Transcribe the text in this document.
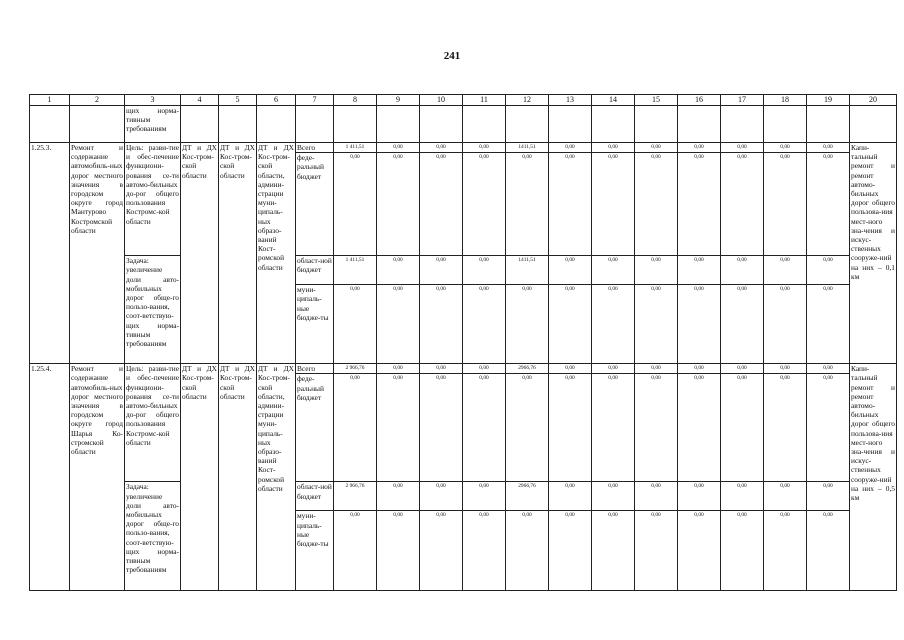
241
1	2	3	4	5	6	7	8	9	10	11	12	13	14	15	16	17	18	19	20
		щих норма-тивным требованиям																	
1.25.3.	Ремонт и содержание автомобиль-ных дорог местного значения в городском округе город Мантурово Костромской области	Цель: разви-тие и обес-печение функциони-рования се-ти автомо-бильных до-рог общего пользования Костромс-кой области	ДТ и ДХ Кос-тром-ской области	ДТ и ДХ Кос-тром-ской области	ДТ и ДХ Кос-тром-ской области, админи-страции муни-ципаль-ных образо-ваний Кост-ромской области	Всего	1 411,51	0,00	0,00	0,00	1411,51	0,00	0,00	0,00	0,00	0,00	0,00	0,00	Капи-тальный ремонт и ремонт автомо-бильных дорог общего пользова-ния мест-ного зна-чения и искус-ственных сооруже-ний на них – 0,1 км
						феде-ральный бюджет	0,00	0,00	0,00	0,00	0,00	0,00	0,00	0,00	0,00	0,00	0,00	0,00	
		Задача: увеличение доли авто-мобильных дорог обще-го пользо-вания, соот-ветствую-щих норма-тивным требованиям				област-ной бюджет	1 411,51	0,00	0,00	0,00	1411,51	0,00	0,00	0,00	0,00	0,00	0,00	0,00	
						муни-ципаль-ные бюдже-ты	0,00	0,00	0,00	0,00	0,00	0,00	0,00	0,00	0,00	0,00	0,00	0,00	
1.25.4.	Ремонт и содержание автомобиль-ных дорог местного значения в городском округе город Шарья Ко-стромской области	Цель: разви-тие и обес-печение функциони-рования се-ти автомо-бильных до-рог общего пользования Костромс-кой области	ДТ и ДХ Кос-тром-ской области	ДТ и ДХ Кос-тром-ской области	ДТ и ДХ Кос-тром-ской области, админи-страции муни-ципаль-ных образо-ваний Кост-ромской области	Всего	2 966,76	0,00	0,00	0,00	2966,76	0,00	0,00	0,00	0,00	0,00	0,00	0,00	Капи-тальный ремонт и ремонт автомо-бильных дорог общего пользова-ния мест-ного зна-чения и искус-ственных сооруже-ний на них – 0,5 км
						феде-ральный бюджет	0,00	0,00	0,00	0,00	0,00	0,00	0,00	0,00	0,00	0,00	0,00	0,00	
		Задача: увеличение доли авто-мобильных дорог обще-го пользо-вания, соот-ветствую-щих норма-тивным требованиям				област-ной бюджет	2 966,76	0,00	0,00	0,00	2966,76	0,00	0,00	0,00	0,00	0,00	0,00	0,00	
						муни-ципаль-ные бюдже-ты	0,00	0,00	0,00	0,00	0,00	0,00	0,00	0,00	0,00	0,00	0,00	0,00	
